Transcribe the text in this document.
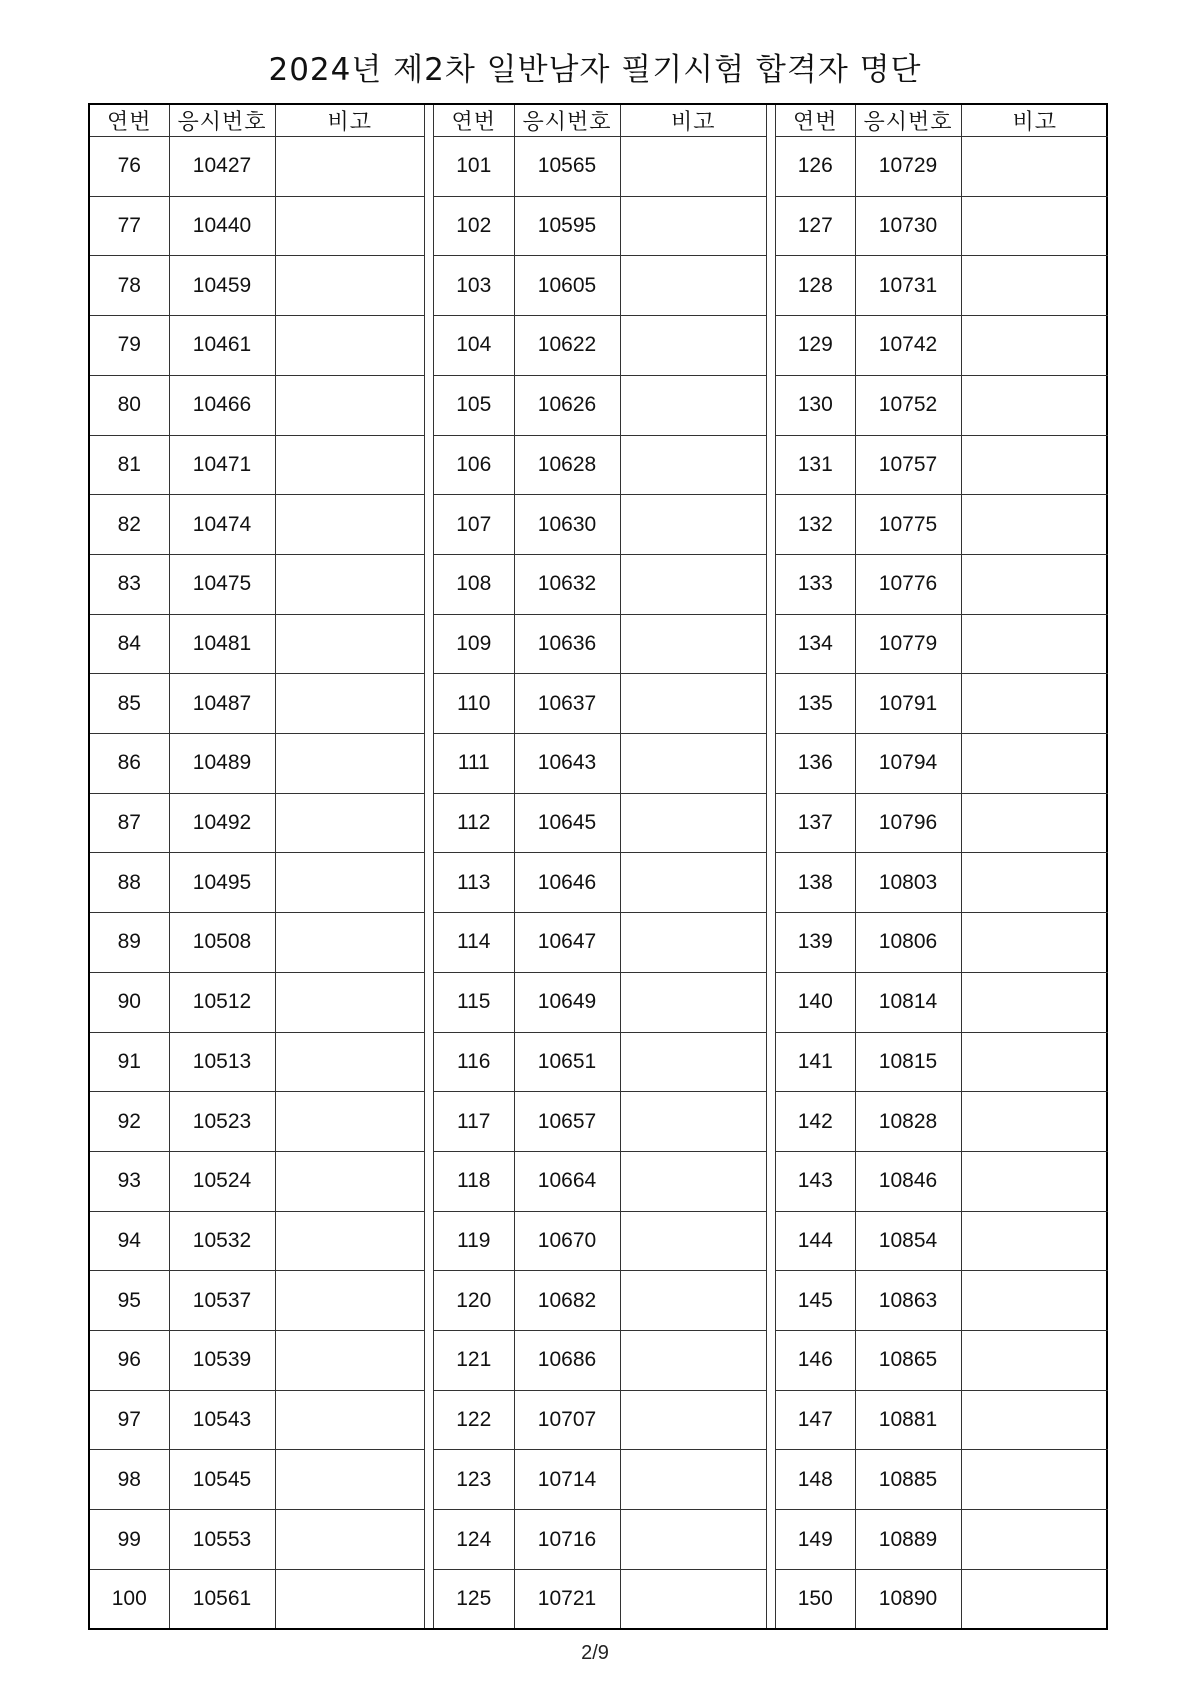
2024년 제2차 일반남자 필기시험 합격자 명단
연번	응시번호	비고
76	10427	
77	10440	
78	10459	
79	10461	
80	10466	
81	10471	
82	10474	
83	10475	
84	10481	
85	10487	
86	10489	
87	10492	
88	10495	
89	10508	
90	10512	
91	10513	
92	10523	
93	10524	
94	10532	
95	10537	
96	10539	
97	10543	
98	10545	
99	10553	
100	10561	
연번	응시번호	비고
101	10565	
102	10595	
103	10605	
104	10622	
105	10626	
106	10628	
107	10630	
108	10632	
109	10636	
110	10637	
111	10643	
112	10645	
113	10646	
114	10647	
115	10649	
116	10651	
117	10657	
118	10664	
119	10670	
120	10682	
121	10686	
122	10707	
123	10714	
124	10716	
125	10721	
연번	응시번호	비고
126	10729	
127	10730	
128	10731	
129	10742	
130	10752	
131	10757	
132	10775	
133	10776	
134	10779	
135	10791	
136	10794	
137	10796	
138	10803	
139	10806	
140	10814	
141	10815	
142	10828	
143	10846	
144	10854	
145	10863	
146	10865	
147	10881	
148	10885	
149	10889	
150	10890	
2/9
